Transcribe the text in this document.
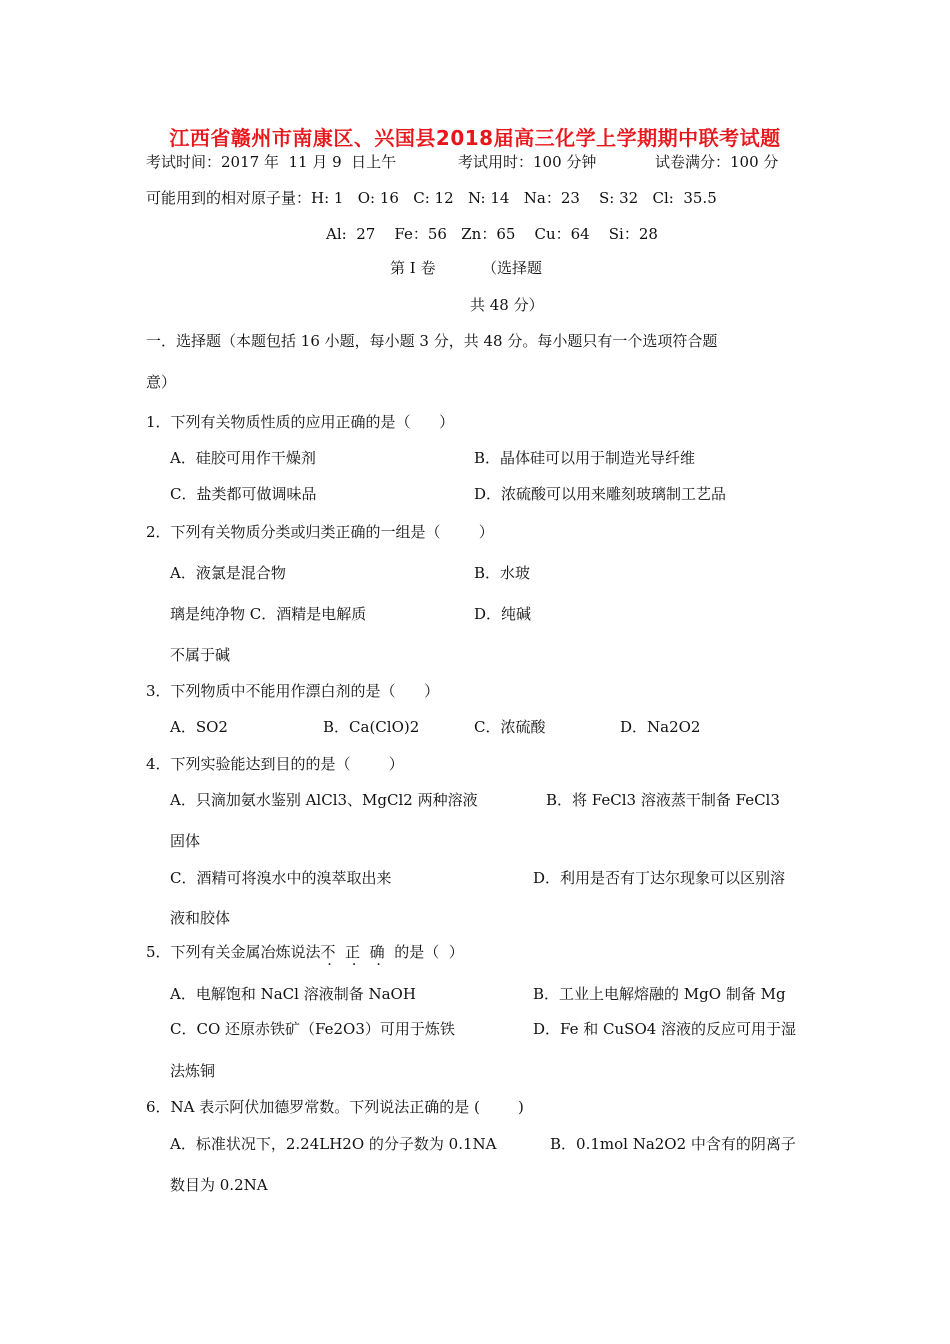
江西省赣州市南康区、兴国县2018届高三化学上学期期中联考试题
考试时间：2017 年  11 月 9  日上午	考试用时：100 分钟	试卷满分：100 分
可能用到的相对原子量：H: 1   O: 16   C: 12   N: 14   Na：23    S: 32   Cl:  35.5
Al:  27    Fe：56   Zn：65    Cu：64    Si：28
第 I 卷	（选择题
共 48 分）
一．选择题（本题包括 16 小题，每小题 3 分，共 48 分。每小题只有一个选项符合题
意）
1．下列有关物质性质的应用正确的是（      ）
A．硅胶可用作干燥剂	B．晶体硅可以用于制造光导纤维
C．盐类都可做调味品	D．浓硫酸可以用来雕刻玻璃制工艺品
2．下列有关物质分类或归类正确的一组是（        ）
A．液氯是混合物	B．水玻
璃是纯净物 C．酒精是电解质	D．纯碱
不属于碱
3．下列物质中不能用作漂白剂的是（      ）
A．SO2	B．Ca(ClO)2	C．浓硫酸	D．Na2O2
4．下列实验能达到目的的是（        ）
A．只滴加氨水鉴别 AlCl3、MgCl2 两种溶液	B．将 FeCl3 溶液蒸干制备 FeCl3
固体
C．酒精可将溴水中的溴萃取出来	D．利用是否有丁达尔现象可以区别溶
液和胶体
5．下列有关金属冶炼说法不 正 确 的是（  ）
A．电解饱和 NaCl 溶液制备 NaOH	B．工业上电解熔融的 MgO 制备 Mg
C．CO 还原赤铁矿（Fe2O3）可用于炼铁	D．Fe 和 CuSO4 溶液的反应可用于湿
法炼铜
6．NA 表示阿伏加德罗常数。下列说法正确的是 (        )
A．标准状况下，2.24LH2O 的分子数为 0.1NA	B．0.1mol Na2O2 中含有的阴离子
数目为 0.2NA
